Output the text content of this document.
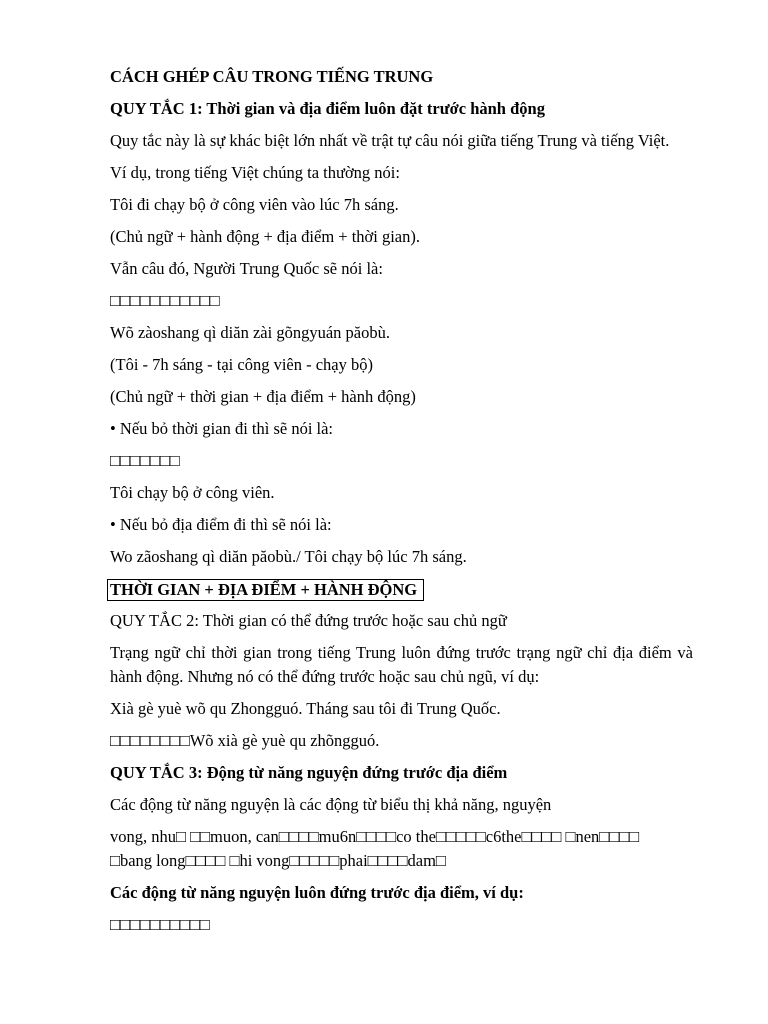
CÁCH GHÉP CÂU TRONG TIẾNG TRUNG

QUY TẮC 1: Thời gian và địa điểm luôn đặt trước hành động

Quy tắc này là sự khác biệt lớn nhất về trật tự câu nói giữa tiếng Trung và tiếng Việt.

Ví dụ, trong tiếng Việt chúng ta thường nói:

Tôi đi chạy bộ ở công viên vào lúc 7h sáng.

(Chủ ngữ + hành động + địa điểm + thời gian).

Vẫn câu đó, Người Trung Quốc sẽ nói là:

□□□□□□□□□□□

Wõ zàoshang qì diăn zài gõngyuán păobù.

(Tôi - 7h sáng - tại công viên - chạy bộ)

(Chủ ngữ + thời gian + địa điểm + hành động)

• Nếu bỏ thời gian đi thì sẽ nói là:

□□□□□□□

Tôi chạy bộ ở công viên.

• Nếu bỏ địa điểm đi thì sẽ nói là:

Wo zãoshang qì diăn păobù./ Tôi chạy bộ lúc 7h sáng.

THỜI GIAN + ĐỊA ĐIỂM + HÀNH ĐỘNG

QUY TẮC 2: Thời gian có thể đứng trước hoặc sau chủ ngữ

Trạng ngữ chỉ thời gian trong tiếng Trung luôn đứng trước trạng ngữ chỉ địa điểm và
hành động. Nhưng nó có thể đứng trước hoặc sau chủ ngũ, ví dụ:

Xià gè yuè wõ qu Zhongguó. Tháng sau tôi đi Trung Quốc.

□□□□□□□□Wõ xià gè yuè qu zhõngguó.

QUY TẮC 3: Động từ năng nguyện đứng trước địa điểm

Các động từ năng nguyện là các động từ biểu thị khả năng, nguyện

vong, nhu□ □□muon, can□□□□mu6n□□□□co the□□□□□c6the□□□□ □nen□□□□
□bang long□□□□ □hi vong□□□□□phai□□□□dam□

Các động từ năng nguyện luôn đứng trước địa điểm, ví dụ:

□□□□□□□□□□
